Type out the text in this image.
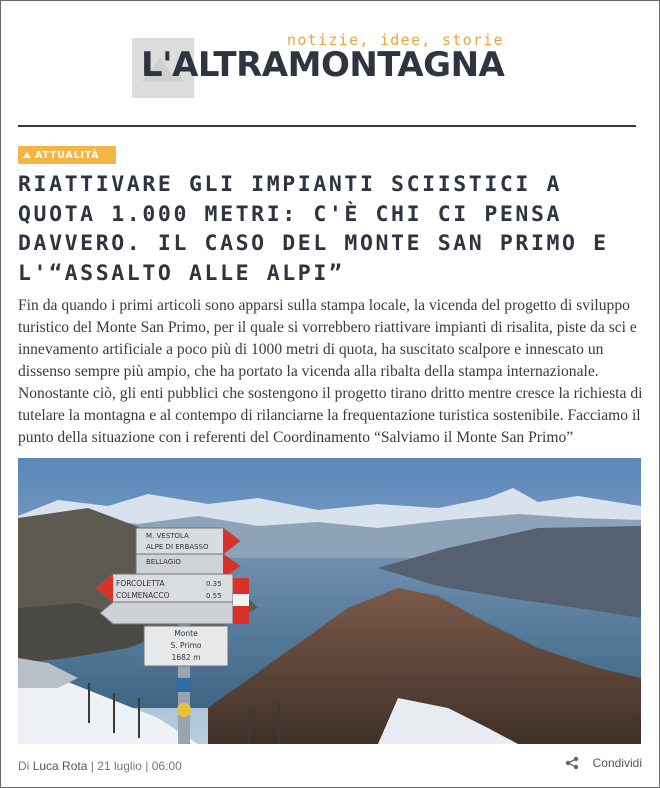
notizie, idee, storie
L'ALTRAMONTAGNA
ATTUALITÀ
RIATTIVARE GLI IMPIANTI SCIISTICI A QUOTA 1.000 METRI: C'È CHI CI PENSA DAVVERO. IL CASO DEL MONTE SAN PRIMO E L'“ASSALTO ALLE ALPI”

Fin da quando i primi articoli sono apparsi sulla stampa locale, la vicenda del progetto di sviluppo turistico del Monte San Primo, per il quale si vorrebbero riattivare impianti di risalita, piste da sci e innevamento artificiale a poco più di 1000 metri di quota, ha suscitato scalpore e innescato un dissenso sempre più ampio, che ha portato la vicenda alla ribalta della stampa internazionale. Nonostante ciò, gli enti pubblici che sostengono il progetto tirano dritto mentre cresce la richiesta di tutelare la montagna e al contempo di rilanciarne la frequentazione turistica sostenibile. Facciamo il punto della situazione con i referenti del Coordinamento “Salviamo il Monte San Primo”

M. VESTOLA
ALPE DI ERBASSO
BELLAGIO
FORCOLETTA
COLMENACCO
0.35
0.55
Monte
S. Primo
1682 m
Di Luca Rota | 21 luglio | 06:00	Condividi
